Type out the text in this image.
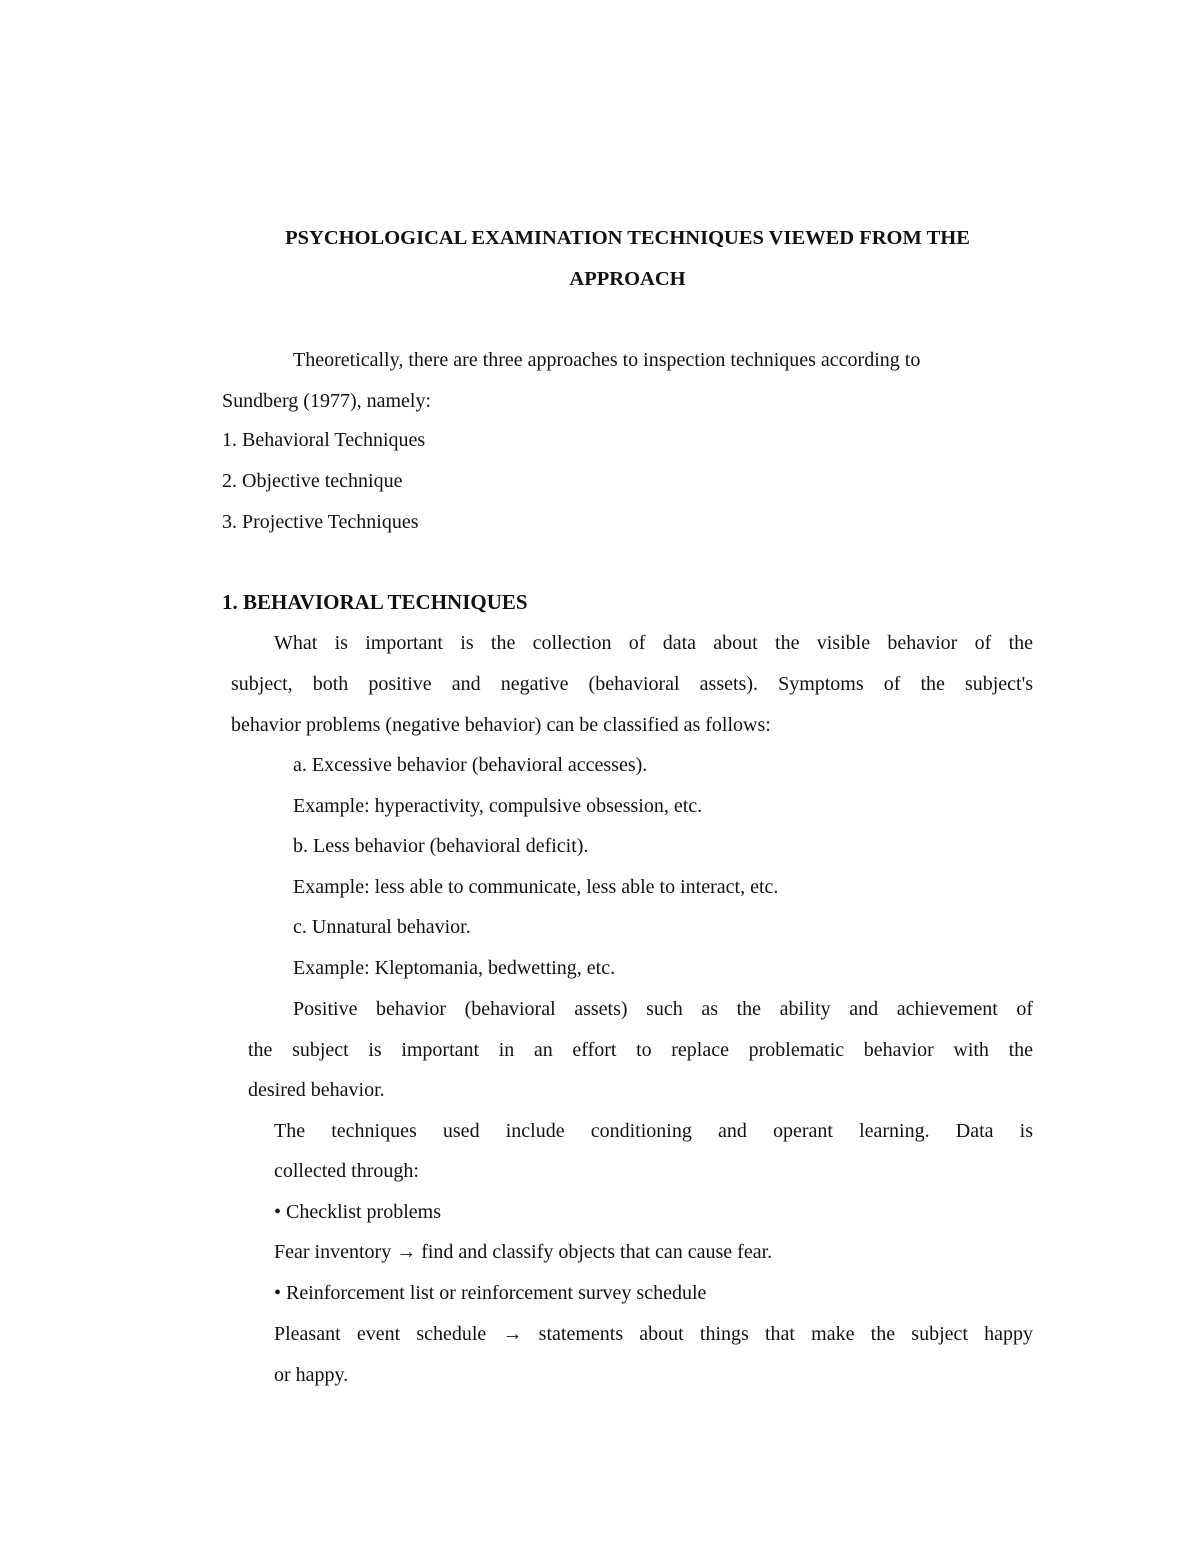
PSYCHOLOGICAL EXAMINATION TECHNIQUES VIEWED FROM THE
APPROACH
Theoretically, there are three approaches to inspection techniques according to
Sundberg (1977), namely:
1. Behavioral Techniques
2. Objective technique
3. Projective Techniques
1. BEHAVIORAL TECHNIQUES
What is important is the collection of data about the visible behavior of the
subject, both positive and negative (behavioral assets). Symptoms of the subject's
behavior problems (negative behavior) can be classified as follows:
a. Excessive behavior (behavioral accesses).
Example: hyperactivity, compulsive obsession, etc.
b. Less behavior (behavioral deficit).
Example: less able to communicate, less able to interact, etc.
c. Unnatural behavior.
Example: Kleptomania, bedwetting, etc.
Positive behavior (behavioral assets) such as the ability and achievement of
the subject is important in an effort to replace problematic behavior with the
desired behavior.
The techniques used include conditioning and operant learning. Data is
collected through:
• Checklist problems
Fear inventory → find and classify objects that can cause fear.
• Reinforcement list or reinforcement survey schedule
Pleasant event schedule → statements about things that make the subject happy
or happy.
